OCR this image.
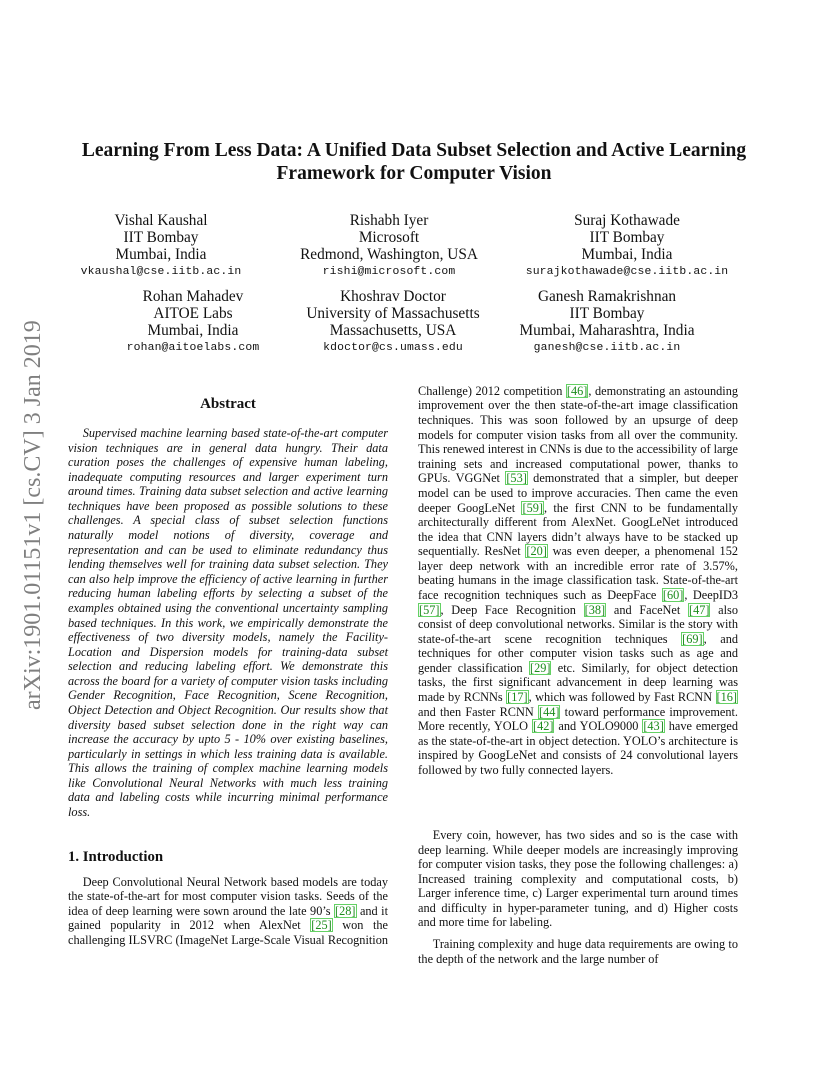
arXiv:1901.01151v1 [cs.CV] 3 Jan 2019
Learning From Less Data: A Unified Data Subset Selection and Active Learning
Framework for Computer Vision
Vishal Kaushal
IIT Bombay
Mumbai, India
vkaushal@cse.iitb.ac.in
Rishabh Iyer
Microsoft
Redmond, Washington, USA
rishi@microsoft.com
Suraj Kothawade
IIT Bombay
Mumbai, India
surajkothawade@cse.iitb.ac.in
Rohan Mahadev
AITOE Labs
Mumbai, India
rohan@aitoelabs.com
Khoshrav Doctor
University of Massachusetts
Massachusetts, USA
kdoctor@cs.umass.edu
Ganesh Ramakrishnan
IIT Bombay
Mumbai, Maharashtra, India
ganesh@cse.iitb.ac.in
Abstract

Supervised machine learning based state-of-the-art computer vision techniques are in general data hungry. Their data curation poses the challenges of expensive human labeling, inadequate computing resources and larger experiment turn around times. Training data subset selection and active learning techniques have been proposed as possible solutions to these challenges. A special class of subset selection functions naturally model notions of diversity, coverage and representation and can be used to eliminate redundancy thus lending themselves well for training data subset selection. They can also help improve the efficiency of active learning in further reducing human labeling efforts by selecting a subset of the examples obtained using the conventional uncertainty sampling based techniques. In this work, we empirically demonstrate the effectiveness of two diversity models, namely the Facility-Location and Dispersion models for training-data subset selection and reducing labeling effort. We demonstrate this across the board for a variety of computer vision tasks including Gender Recognition, Face Recognition, Scene Recognition, Object Detection and Object Recognition. Our results show that diversity based subset selection done in the right way can increase the accuracy by upto 5 - 10% over existing baselines, particularly in settings in which less training data is available. This allows the training of complex machine learning models like Convolutional Neural Networks with much less training data and labeling costs while incurring minimal performance loss.

1. Introduction

Deep Convolutional Neural Network based models are today the state-of-the-art for most computer vision tasks. Seeds of the idea of deep learning were sown around the late 90’s [28] and it gained popularity in 2012 when AlexNet [25] won the challenging ILSVRC (ImageNet Large-Scale Visual Recognition

Challenge) 2012 competition [46], demonstrating an astounding improvement over the then state-of-the-art image classification techniques. This was soon followed by an upsurge of deep models for computer vision tasks from all over the community. This renewed interest in CNNs is due to the accessibility of large training sets and increased computational power, thanks to GPUs. VGGNet [53] demonstrated that a simpler, but deeper model can be used to improve accuracies. Then came the even deeper GoogLeNet [59], the first CNN to be fundamentally architecturally different from AlexNet. GoogLeNet introduced the idea that CNN layers didn’t always have to be stacked up sequentially. ResNet [20] was even deeper, a phenomenal 152 layer deep network with an incredible error rate of 3.57%, beating humans in the image classification task. State-of-the-art face recognition techniques such as DeepFace [60], DeepID3 [57], Deep Face Recognition [38] and FaceNet [47] also consist of deep convolutional networks. Similar is the story with state-of-the-art scene recognition techniques [69], and techniques for other computer vision tasks such as age and gender classification [29] etc. Similarly, for object detection tasks, the first significant advancement in deep learning was made by RCNNs [17], which was followed by Fast RCNN [16] and then Faster RCNN [44] toward performance improvement. More recently, YOLO [42] and YOLO9000 [43] have emerged as the state-of-the-art in object detection. YOLO’s architecture is inspired by GoogLeNet and consists of 24 convolutional layers followed by two fully connected layers.

Every coin, however, has two sides and so is the case with deep learning. While deeper models are increasingly improving for computer vision tasks, they pose the following challenges: a) Increased training complexity and computational costs, b) Larger inference time, c) Larger experimental turn around times and difficulty in hyper-parameter tuning, and d) Higher costs and more time for labeling.

Training complexity and huge data requirements are owing to the depth of the network and the large number of
